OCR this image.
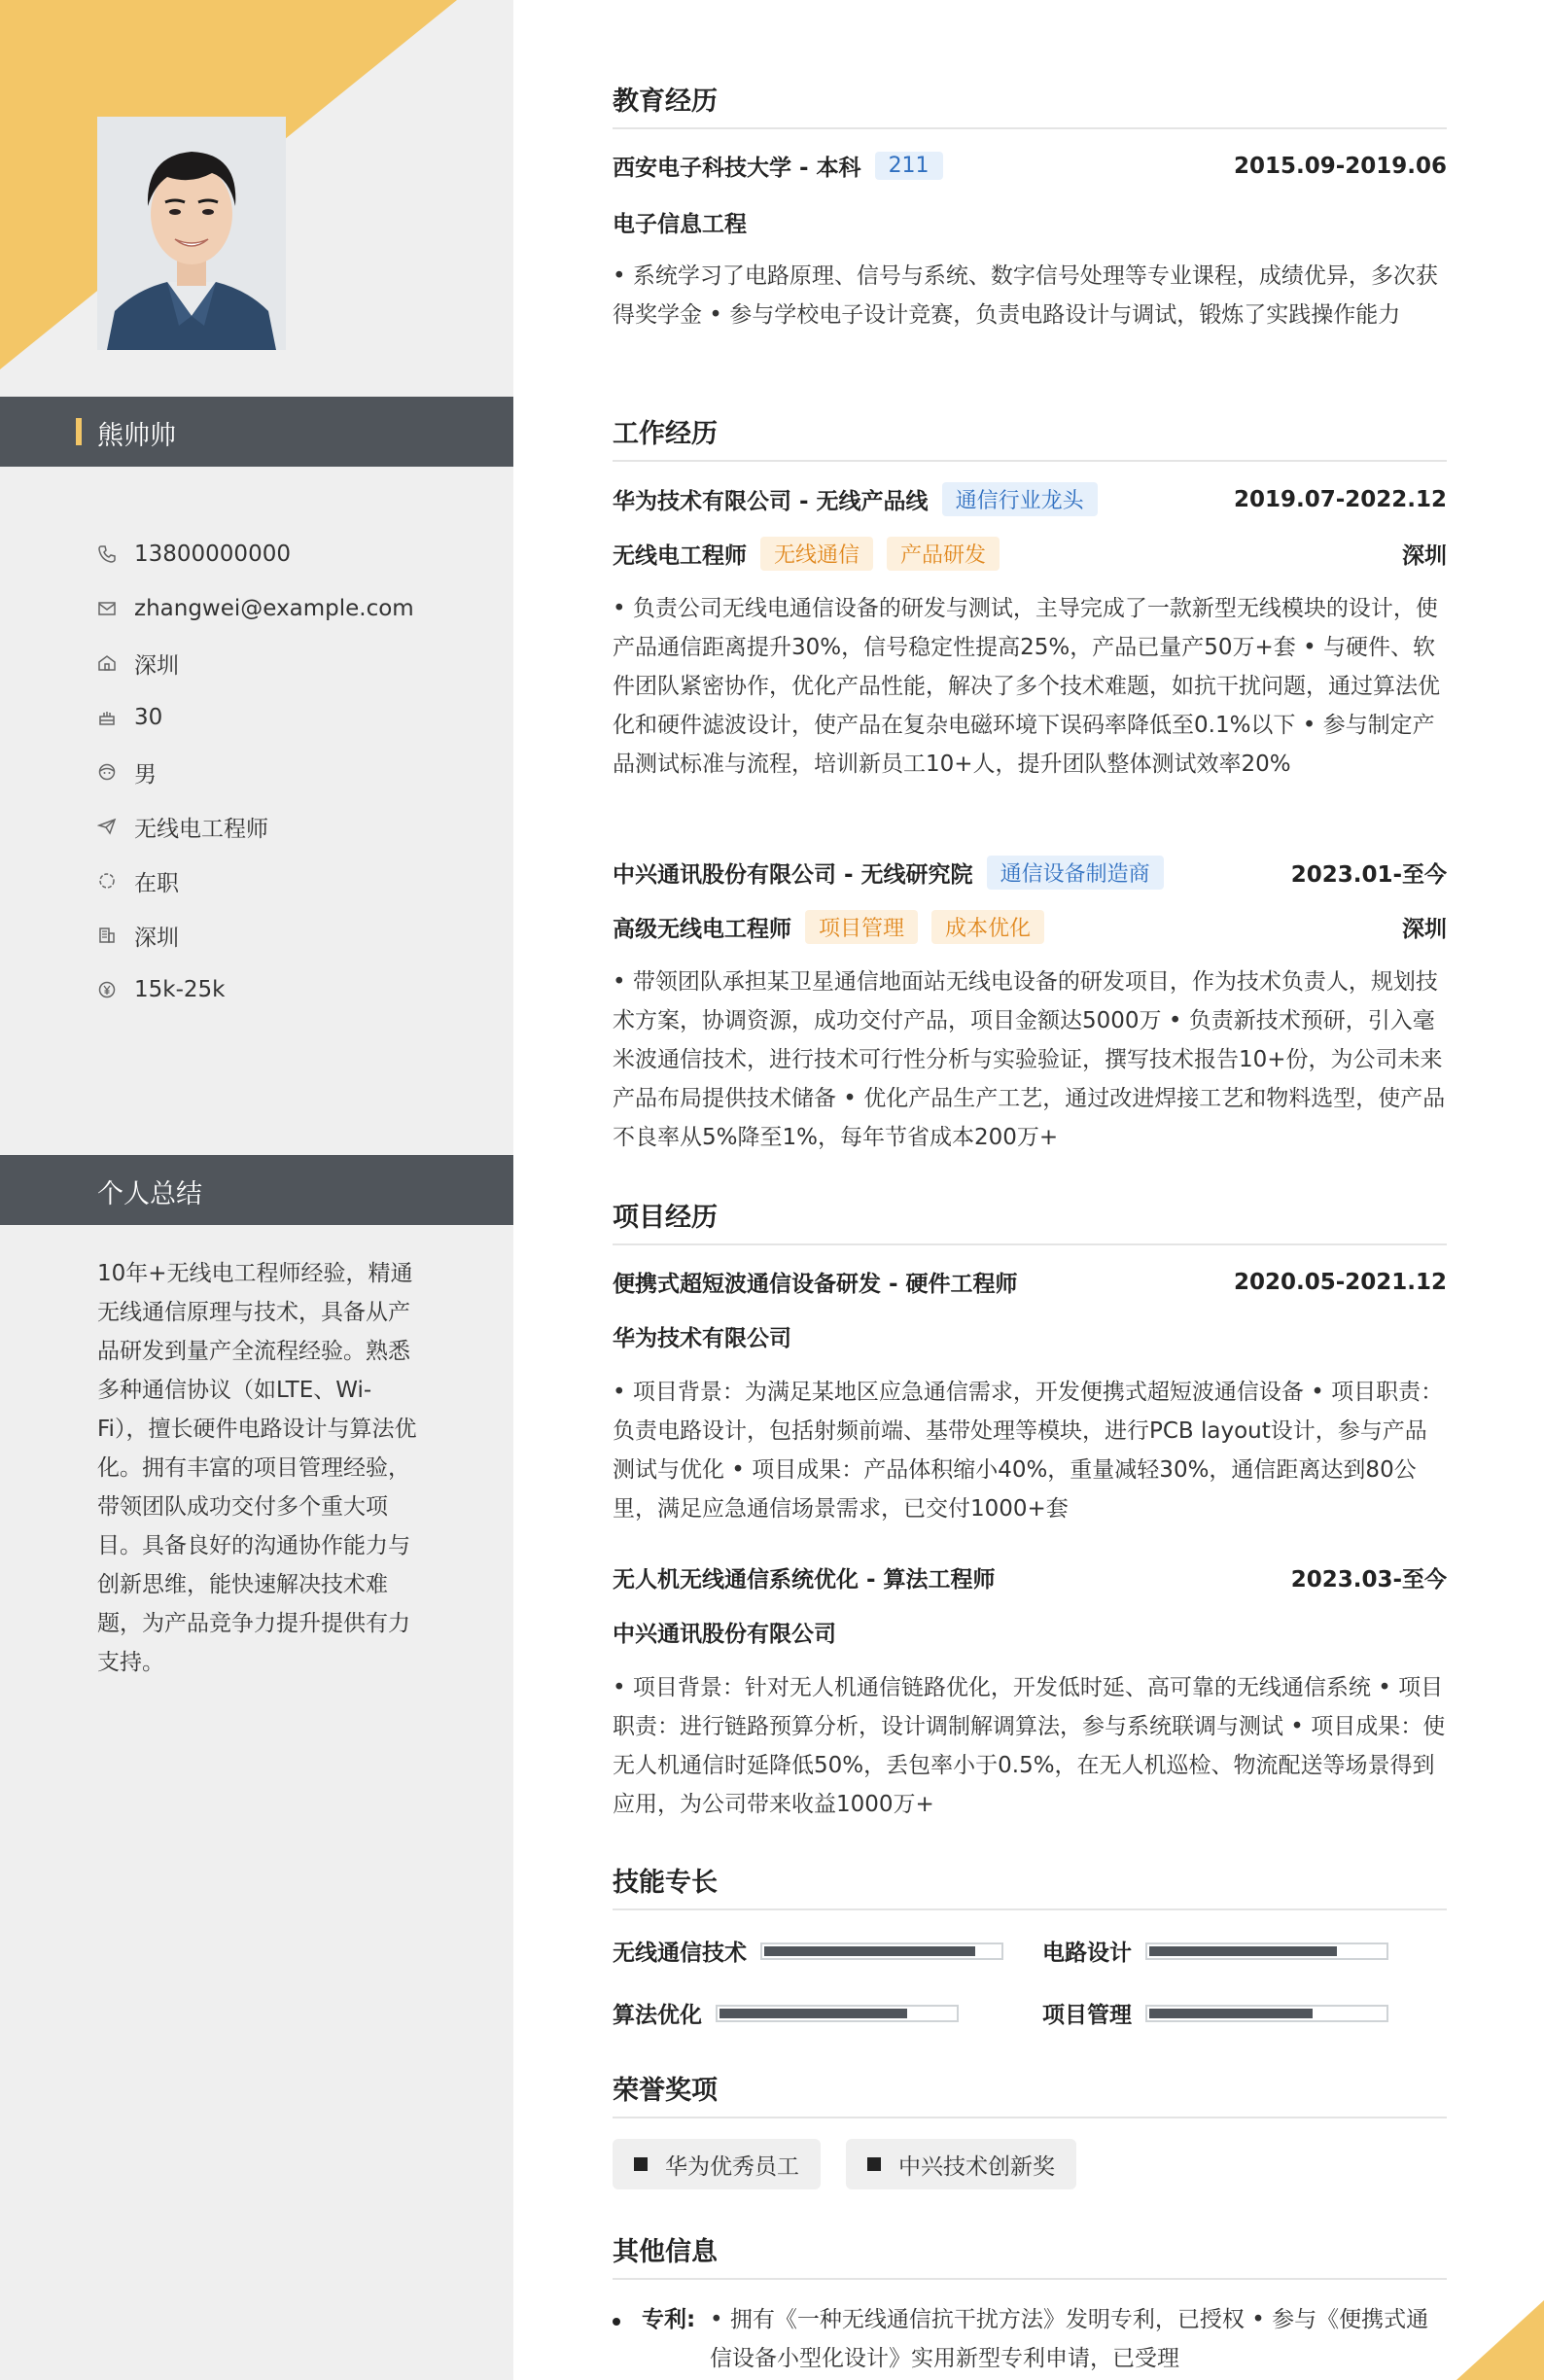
熊帅帅
13800000000
zhangwei@example.com
深圳
30
男
无线电工程师
在职
深圳
15k-25k
个人总结
10年+无线电工程师经验，精通无线通信原理与技术，具备从产品研发到量产全流程经验。熟悉多种通信协议（如LTE、Wi-Fi），擅长硬件电路设计与算法优化。拥有丰富的项目管理经验，带领团队成功交付多个重大项目。具备良好的沟通协作能力与创新思维，能快速解决技术难题，为产品竞争力提升提供有力支持。
教育经历
西安电子科技大学 - 本科	211	2015.09-2019.06
电子信息工程
• 系统学习了电路原理、信号与系统、数字信号处理等专业课程，成绩优异，多次获得奖学金 • 参与学校电子设计竞赛，负责电路设计与调试，锻炼了实践操作能力
工作经历
华为技术有限公司 - 无线产品线	通信行业龙头	2019.07-2022.12
无线电工程师	无线通信	产品研发	深圳
• 负责公司无线电通信设备的研发与测试，主导完成了一款新型无线模块的设计，使产品通信距离提升30%，信号稳定性提高25%，产品已量产50万+套 • 与硬件、软件团队紧密协作，优化产品性能，解决了多个技术难题，如抗干扰问题，通过算法优化和硬件滤波设计，使产品在复杂电磁环境下误码率降低至0.1%以下 • 参与制定产品测试标准与流程，培训新员工10+人，提升团队整体测试效率20%
中兴通讯股份有限公司 - 无线研究院	通信设备制造商	2023.01-至今
高级无线电工程师	项目管理	成本优化	深圳
• 带领团队承担某卫星通信地面站无线电设备的研发项目，作为技术负责人，规划技术方案，协调资源，成功交付产品，项目金额达5000万 • 负责新技术预研，引入毫米波通信技术，进行技术可行性分析与实验验证，撰写技术报告10+份，为公司未来产品布局提供技术储备 • 优化产品生产工艺，通过改进焊接工艺和物料选型，使产品不良率从5%降至1%，每年节省成本200万+
项目经历
便携式超短波通信设备研发 - 硬件工程师	2020.05-2021.12
华为技术有限公司
• 项目背景：为满足某地区应急通信需求，开发便携式超短波通信设备 • 项目职责：负责电路设计，包括射频前端、基带处理等模块，进行PCB layout设计，参与产品测试与优化 • 项目成果：产品体积缩小40%，重量减轻30%，通信距离达到80公里，满足应急通信场景需求，已交付1000+套
无人机无线通信系统优化 - 算法工程师	2023.03-至今
中兴通讯股份有限公司
• 项目背景：针对无人机通信链路优化，开发低时延、高可靠的无线通信系统 • 项目职责：进行链路预算分析，设计调制解调算法，参与系统联调与测试 • 项目成果：使无人机通信时延降低50%，丢包率小于0.5%，在无人机巡检、物流配送等场景得到应用，为公司带来收益1000万+
技能专长
无线通信技术	电路设计
算法优化	项目管理
荣誉奖项
华为优秀员工	中兴技术创新奖
其他信息
专利: • 拥有《一种无线通信抗干扰方法》发明专利，已授权 • 参与《便携式通信设备小型化设计》实用新型专利申请，已受理
